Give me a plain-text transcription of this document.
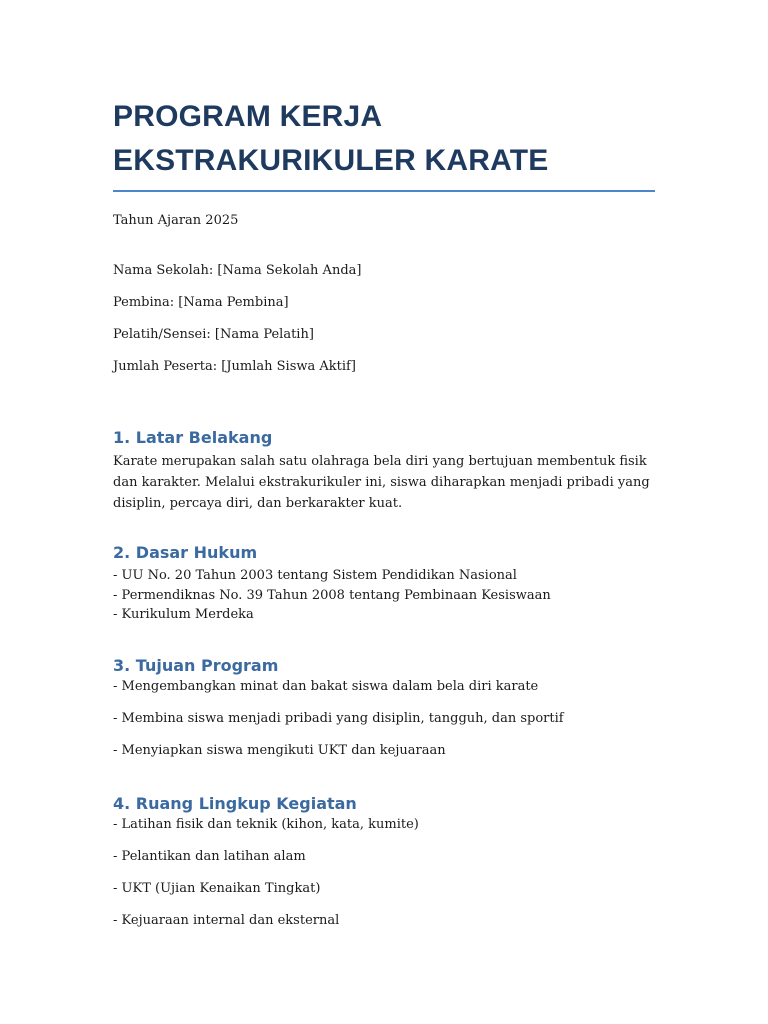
PROGRAM KERJA EKSTRAKURIKULER KARATE

Tahun Ajaran 2025

Nama Sekolah: [Nama Sekolah Anda]

Pembina: [Nama Pembina]

Pelatih/Sensei: [Nama Pelatih]

Jumlah Peserta: [Jumlah Siswa Aktif]

1. Latar Belakang

Karate merupakan salah satu olahraga bela diri yang bertujuan membentuk fisik dan karakter. Melalui ekstrakurikuler ini, siswa diharapkan menjadi pribadi yang disiplin, percaya diri, dan berkarakter kuat.

2. Dasar Hukum
- UU No. 20 Tahun 2003 tentang Sistem Pendidikan Nasional
- Permendiknas No. 39 Tahun 2008 tentang Pembinaan Kesiswaan
- Kurikulum Merdeka
3. Tujuan Program
- Mengembangkan minat dan bakat siswa dalam bela diri karate
- Membina siswa menjadi pribadi yang disiplin, tangguh, dan sportif
- Menyiapkan siswa mengikuti UKT dan kejuaraan
4. Ruang Lingkup Kegiatan
- Latihan fisik dan teknik (kihon, kata, kumite)
- Pelantikan dan latihan alam
- UKT (Ujian Kenaikan Tingkat)
- Kejuaraan internal dan eksternal
